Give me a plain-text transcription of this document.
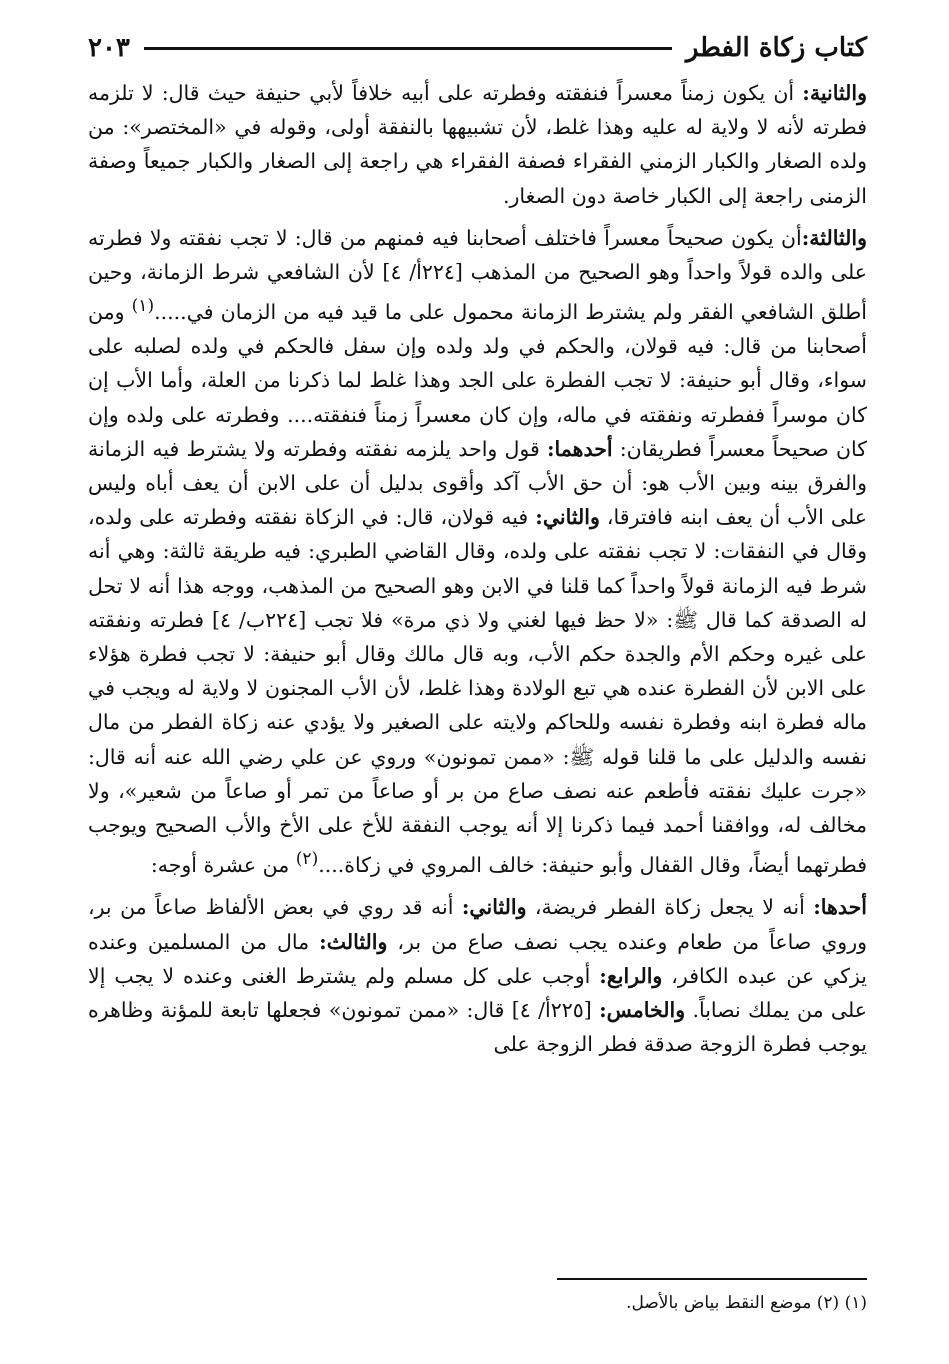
كتاب زكاة الفطر
٢٠٣

والثانية: أن يكون زمناً معسراً فنفقته وفطرته على أبيه خلافاً لأبي حنيفة حيث قال: لا تلزمه فطرته لأنه لا ولاية له عليه وهذا غلط، لأن تشبيهها بالنفقة أولى، وقوله في «المختصر»: من ولده الصغار والكبار الزمني الفقراء فصفة الفقراء هي راجعة إلى الصغار والكبار جميعاً وصفة الزمنى راجعة إلى الكبار خاصة دون الصغار.

والثالثة:أن يكون صحيحاً معسراً فاختلف أصحابنا فيه فمنهم من قال: لا تجب نفقته ولا فطرته على والده قولاً واحداً وهو الصحيح من المذهب [٢٢٤أ/ ٤] لأن الشافعي شرط الزمانة، وحين أطلق الشافعي الفقر ولم يشترط الزمانة محمول على ما قيد فيه من الزمان في.....$^{(١)}$ ومن أصحابنا من قال: فيه قولان، والحكم في ولد ولده وإن سفل فالحكم في ولده لصلبه على سواء، وقال أبو حنيفة: لا تجب الفطرة على الجد وهذا غلط لما ذكرنا من العلة، وأما الأب إن كان موسراً ففطرته ونفقته في ماله، وإن كان معسراً زمناً فنفقته.... وفطرته على ولده وإن كان صحيحاً معسراً فطريقان: أحدهما: قول واحد يلزمه نفقته وفطرته ولا يشترط فيه الزمانة والفرق بينه وبين الأب هو: أن حق الأب آكد وأقوى بدليل أن على الابن أن يعف أباه وليس على الأب أن يعف ابنه فافترقا، والثاني: فيه قولان، قال: في الزكاة نفقته وفطرته على ولده، وقال في النفقات: لا تجب نفقته على ولده، وقال القاضي الطبري: فيه طريقة ثالثة: وهي أنه شرط فيه الزمانة قولاً واحداً كما قلنا في الابن وهو الصحيح من المذهب، ووجه هذا أنه لا تحل له الصدقة كما قال ﷺ: «لا حظ فيها لغني ولا ذي مرة» فلا تجب [٢٢٤ب/ ٤] فطرته ونفقته على غيره وحكم الأم والجدة حكم الأب، وبه قال مالك وقال أبو حنيفة: لا تجب فطرة هؤلاء على الابن لأن الفطرة عنده هي تبع الولادة وهذا غلط، لأن الأب المجنون لا ولاية له ويجب في ماله فطرة ابنه وفطرة نفسه وللحاكم ولايته على الصغير ولا يؤدي عنه زكاة الفطر من مال نفسه والدليل على ما قلنا قوله ﷺ: «ممن تمونون» وروي عن علي رضي الله عنه أنه قال: «جرت عليك نفقته فأطعم عنه نصف صاع من بر أو صاعاً من تمر أو صاعاً من شعير»، ولا مخالف له، ووافقنا أحمد فيما ذكرنا إلا أنه يوجب النفقة للأخ على الأخ والأب الصحيح ويوجب فطرتهما أيضاً، وقال القفال وأبو حنيفة: خالف المروي في زكاة....$^{(٢)}$ من عشرة أوجه:

أحدها: أنه لا يجعل زكاة الفطر فريضة، والثاني: أنه قد روي في بعض الألفاظ صاعاً من بر، وروي صاعاً من طعام وعنده يجب نصف صاع من بر، والثالث: مال من المسلمين وعنده يزكي عن عبده الكافر، والرابع: أوجب على كل مسلم ولم يشترط الغنى وعنده لا يجب إلا على من يملك نصاباً. والخامس: [٢٢٥أ/ ٤] قال: «ممن تمونون» فجعلها تابعة للمؤنة وظاهره يوجب فطرة الزوجة صدقة فطر الزوجة على

(١) (٢) موضع النقط بياض بالأصل.
